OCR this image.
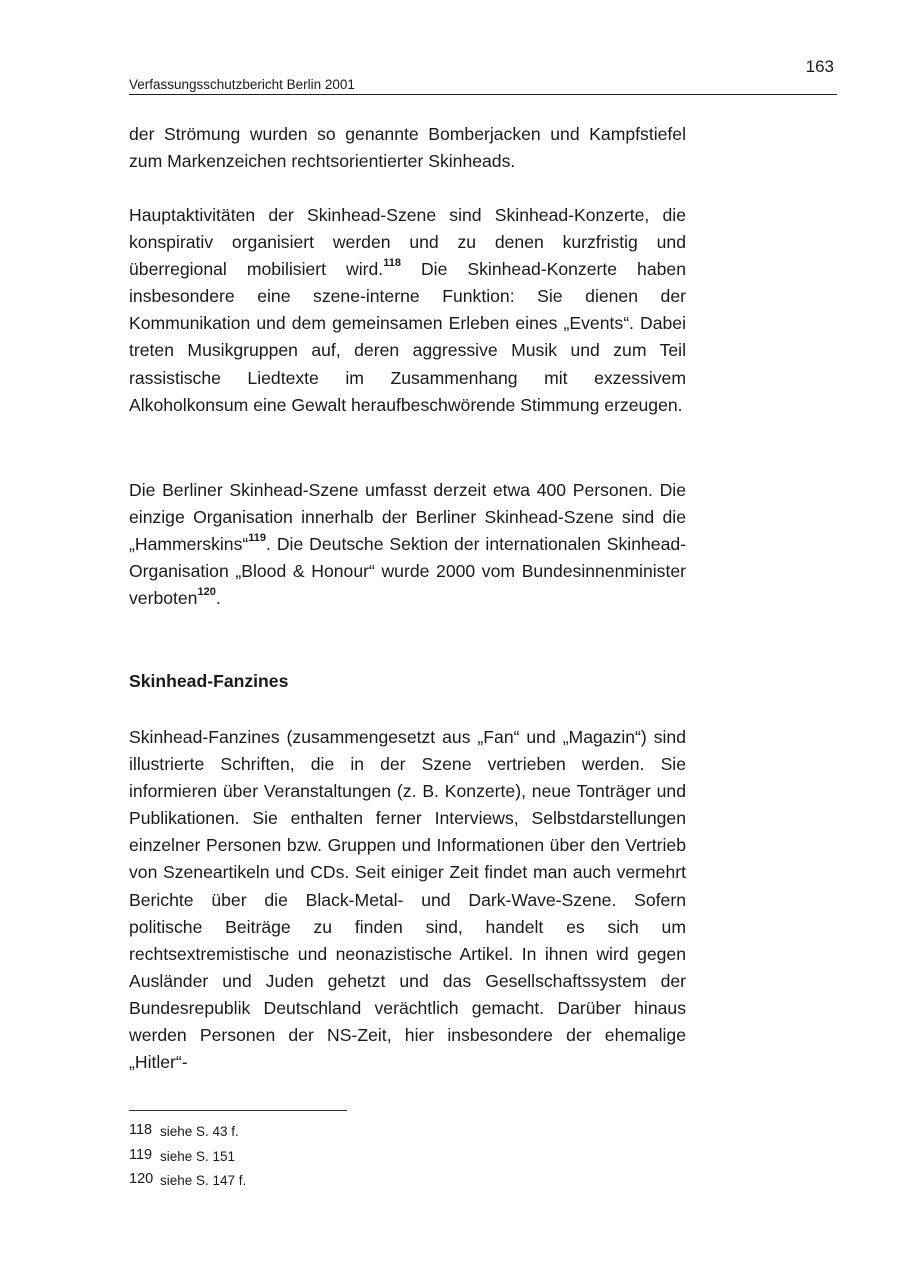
163
Verfassungsschutzbericht Berlin 2001

der Strömung wurden so genannte Bomberjacken und Kampfstiefel zum Markenzeichen rechtsorientierter Skinheads.

Hauptaktivitäten der Skinhead-Szene sind Skinhead-Konzerte, die konspirativ organisiert werden und zu denen kurzfristig und überregional mobilisiert wird.$^{118}$ Die Skinhead-Konzerte haben insbesondere eine szene-interne Funktion: Sie dienen der Kommunikation und dem gemeinsamen Erleben eines „Events“. Dabei treten Musikgruppen auf, deren aggressive Musik und zum Teil rassistische Liedtexte im Zusammenhang mit exzessivem Alkoholkonsum eine Gewalt heraufbeschwörende Stimmung erzeugen.

Die Berliner Skinhead-Szene umfasst derzeit etwa 400 Personen. Die einzige Organisation innerhalb der Berliner Skinhead-Szene sind die „Hammerskins“$^{119}$. Die Deutsche Sektion der internationalen Skinhead-Organisation „Blood & Honour“ wurde 2000 vom Bundesinnenminister verboten$^{120}$.

Skinhead-Fanzines

Skinhead-Fanzines (zusammengesetzt aus „Fan“ und „Magazin“) sind illustrierte Schriften, die in der Szene vertrieben werden. Sie informieren über Veranstaltungen (z. B. Konzerte), neue Tonträger und Publikationen. Sie enthalten ferner Interviews, Selbstdarstellungen einzelner Personen bzw. Gruppen und Informationen über den Vertrieb von Szeneartikeln und CDs. Seit einiger Zeit findet man auch vermehrt Berichte über die Black-Metal- und Dark-Wave-Szene. Sofern politische Beiträge zu finden sind, handelt es sich um rechtsextremistische und neonazistische Artikel. In ihnen wird gegen Ausländer und Juden gehetzt und das Gesellschaftssystem der Bundesrepublik Deutschland verächtlich gemacht. Darüber hinaus werden Personen der NS-Zeit, hier insbesondere der ehemalige „Hitler“-

118 siehe S. 43 f.
119 siehe S. 151
120 siehe S. 147 f.
